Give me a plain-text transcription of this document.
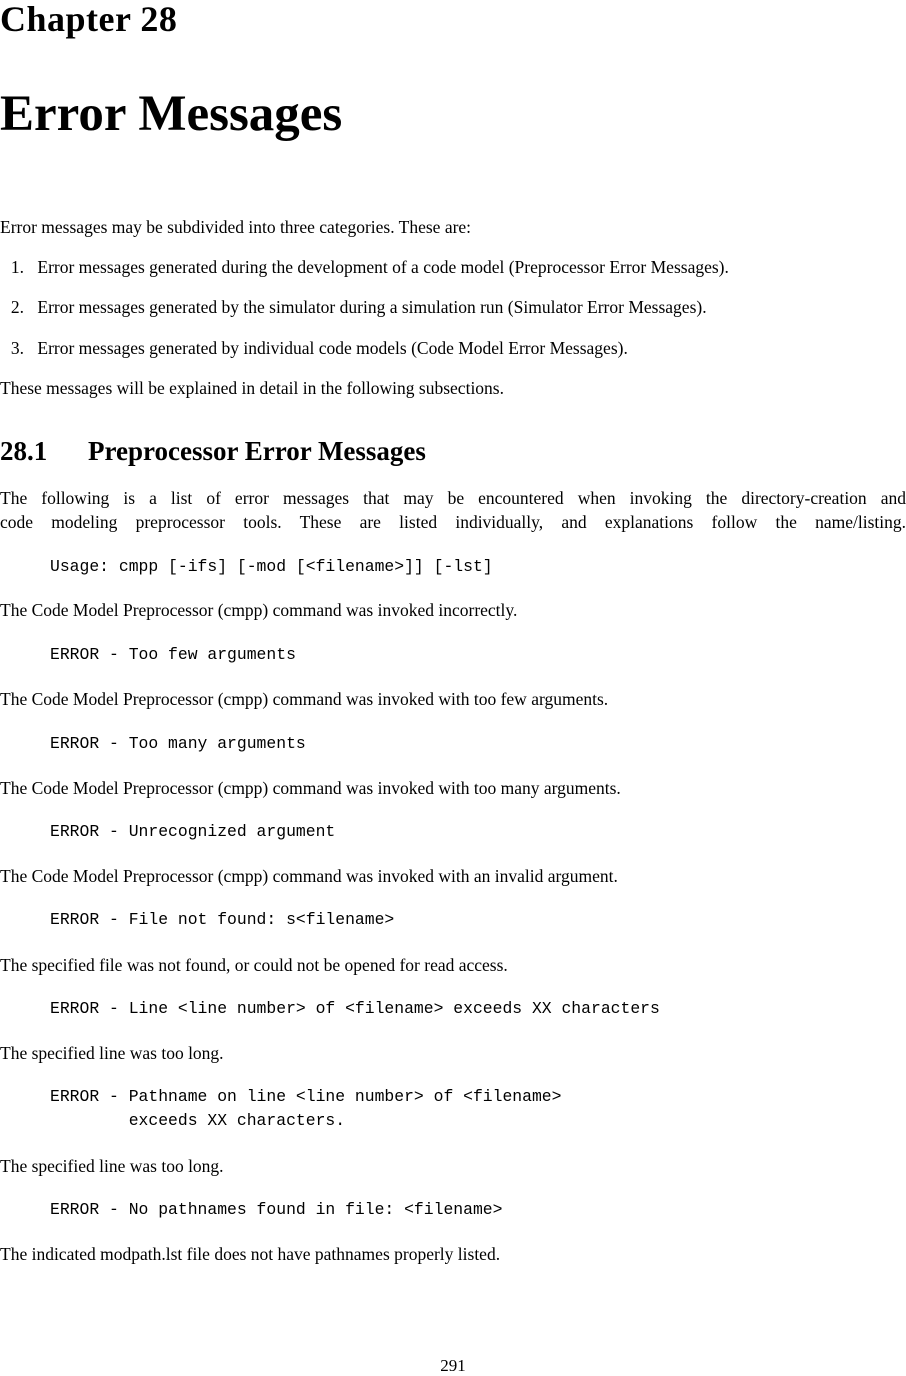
Chapter 28
Error Messages

Error messages may be subdivided into three categories. These are:

1. Error messages generated during the development of a code model (Preprocessor Error Messages).
2. Error messages generated by the simulator during a simulation run (Simulator Error Messages).
3. Error messages generated by individual code models (Code Model Error Messages).

These messages will be explained in detail in the following subsections.

28.1 Preprocessor Error Messages

The following is a list of error messages that may be encountered when invoking the directory-creation and

code modeling preprocessor tools. These are listed individually, and explanations follow the name/listing.

Usage: cmpp [-ifs] [-mod [<filename>]] [-lst]

The Code Model Preprocessor (cmpp) command was invoked incorrectly.

ERROR - Too few arguments

The Code Model Preprocessor (cmpp) command was invoked with too few arguments.

ERROR - Too many arguments

The Code Model Preprocessor (cmpp) command was invoked with too many arguments.

ERROR - Unrecognized argument

The Code Model Preprocessor (cmpp) command was invoked with an invalid argument.

ERROR - File not found: s<filename>

The specified file was not found, or could not be opened for read access.

ERROR - Line <line number> of <filename> exceeds XX characters

The specified line was too long.

ERROR - Pathname on line <line number> of <filename>
exceeds XX characters.

The specified line was too long.

ERROR - No pathnames found in file: <filename>

The indicated modpath.lst file does not have pathnames properly listed.

291
